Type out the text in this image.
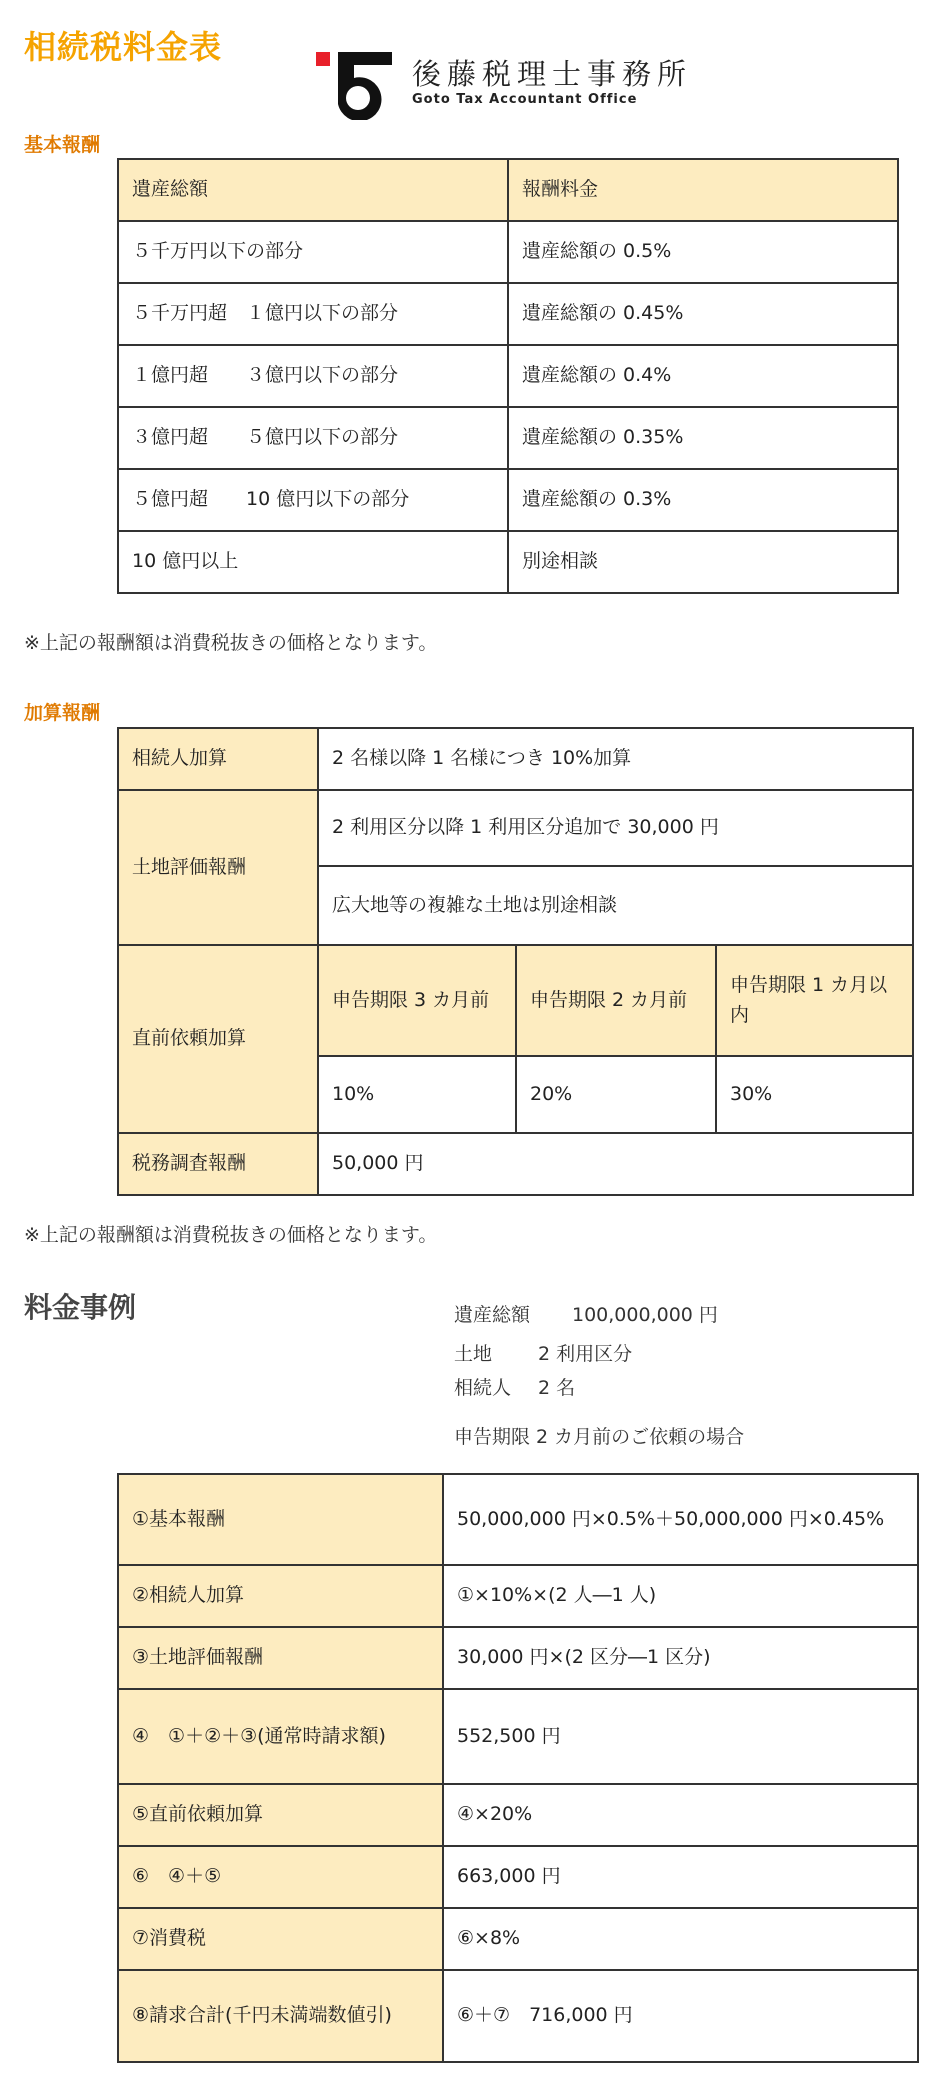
相続税料金表
後藤税理士事務所
Goto Tax Accountant Office
基本報酬
遺産総額	報酬料金
５千万円以下の部分	遺産総額の 0.5%
５千万円超　１億円以下の部分	遺産総額の 0.45%
１億円超　　３億円以下の部分	遺産総額の 0.4%
３億円超　　５億円以下の部分	遺産総額の 0.35%
５億円超　　10 億円以下の部分	遺産総額の 0.3%
10 億円以上	別途相談
※上記の報酬額は消費税抜きの価格となります。
加算報酬
相続人加算	2 名様以降 1 名様につき 10%加算		
土地評価報酬	2 利用区分以降 1 利用区分追加で 30,000 円		
	広大地等の複雑な土地は別途相談		
直前依頼加算	申告期限 3 カ月前	申告期限 2 カ月前	申告期限 1 カ月以内
	10%	20%	30%
税務調査報酬	50,000 円		
※上記の報酬額は消費税抜きの価格となります。
料金事例	遺産総額 100,000,000 円
土地 2 利用区分
相続人 2 名
申告期限 2 カ月前のご依頼の場合
①基本報酬	50,000,000 円×0.5%＋50,000,000 円×0.45%
②相続人加算	①×10%×(2 人―1 人)
③土地評価報酬	30,000 円×(2 区分―1 区分)
④　①＋②＋③(通常時請求額)	552,500 円
⑤直前依頼加算	④×20%
⑥　④＋⑤	663,000 円
⑦消費税	⑥×8%
⑧請求合計(千円未満端数値引)	⑥＋⑦　716,000 円
